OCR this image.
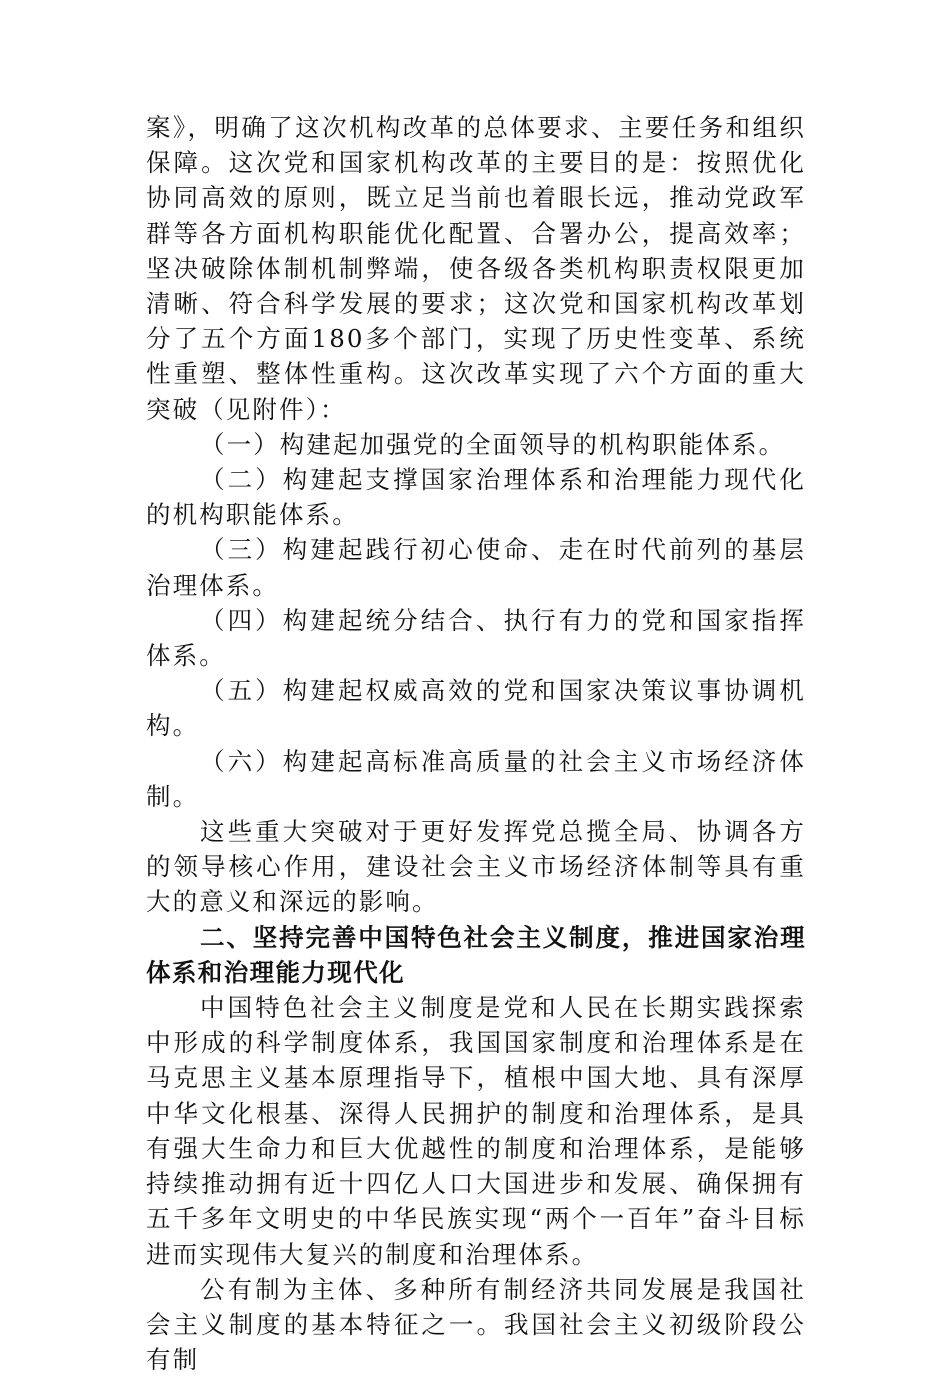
案》，明确了这次机构改革的总体要求、主要任务和组织保障。这次党和国家机构改革的主要目的是：按照优化协同高效的原则，既立足当前也着眼长远，推动党政军群等各方面机构职能优化配置、合署办公，提高效率；坚决破除体制机制弊端，使各级各类机构职责权限更加清晰、符合科学发展的要求；这次党和国家机构改革划分了五个方面180多个部门，实现了历史性变革、系统性重塑、整体性重构。这次改革实现了六个方面的重大突破（见附件）：

（一）构建起加强党的全面领导的机构职能体系。

（二）构建起支撑国家治理体系和治理能力现代化的机构职能体系。

（三）构建起践行初心使命、走在时代前列的基层治理体系。

（四）构建起统分结合、执行有力的党和国家指挥体系。

（五）构建起权威高效的党和国家决策议事协调机构。

（六）构建起高标准高质量的社会主义市场经济体制。

这些重大突破对于更好发挥党总揽全局、协调各方的领导核心作用，建设社会主义市场经济体制等具有重大的意义和深远的影响。

二、坚持完善中国特色社会主义制度，推进国家治理体系和治理能力现代化

中国特色社会主义制度是党和人民在长期实践探索中形成的科学制度体系，我国国家制度和治理体系是在马克思主义基本原理指导下，植根中国大地、具有深厚中华文化根基、深得人民拥护的制度和治理体系，是具有强大生命力和巨大优越性的制度和治理体系，是能够持续推动拥有近十四亿人口大国进步和发展、确保拥有五千多年文明史的中华民族实现“两个一百年”奋斗目标进而实现伟大复兴的制度和治理体系。

公有制为主体、多种所有制经济共同发展是我国社会主义制度的基本特征之一。我国社会主义初级阶段公有制
